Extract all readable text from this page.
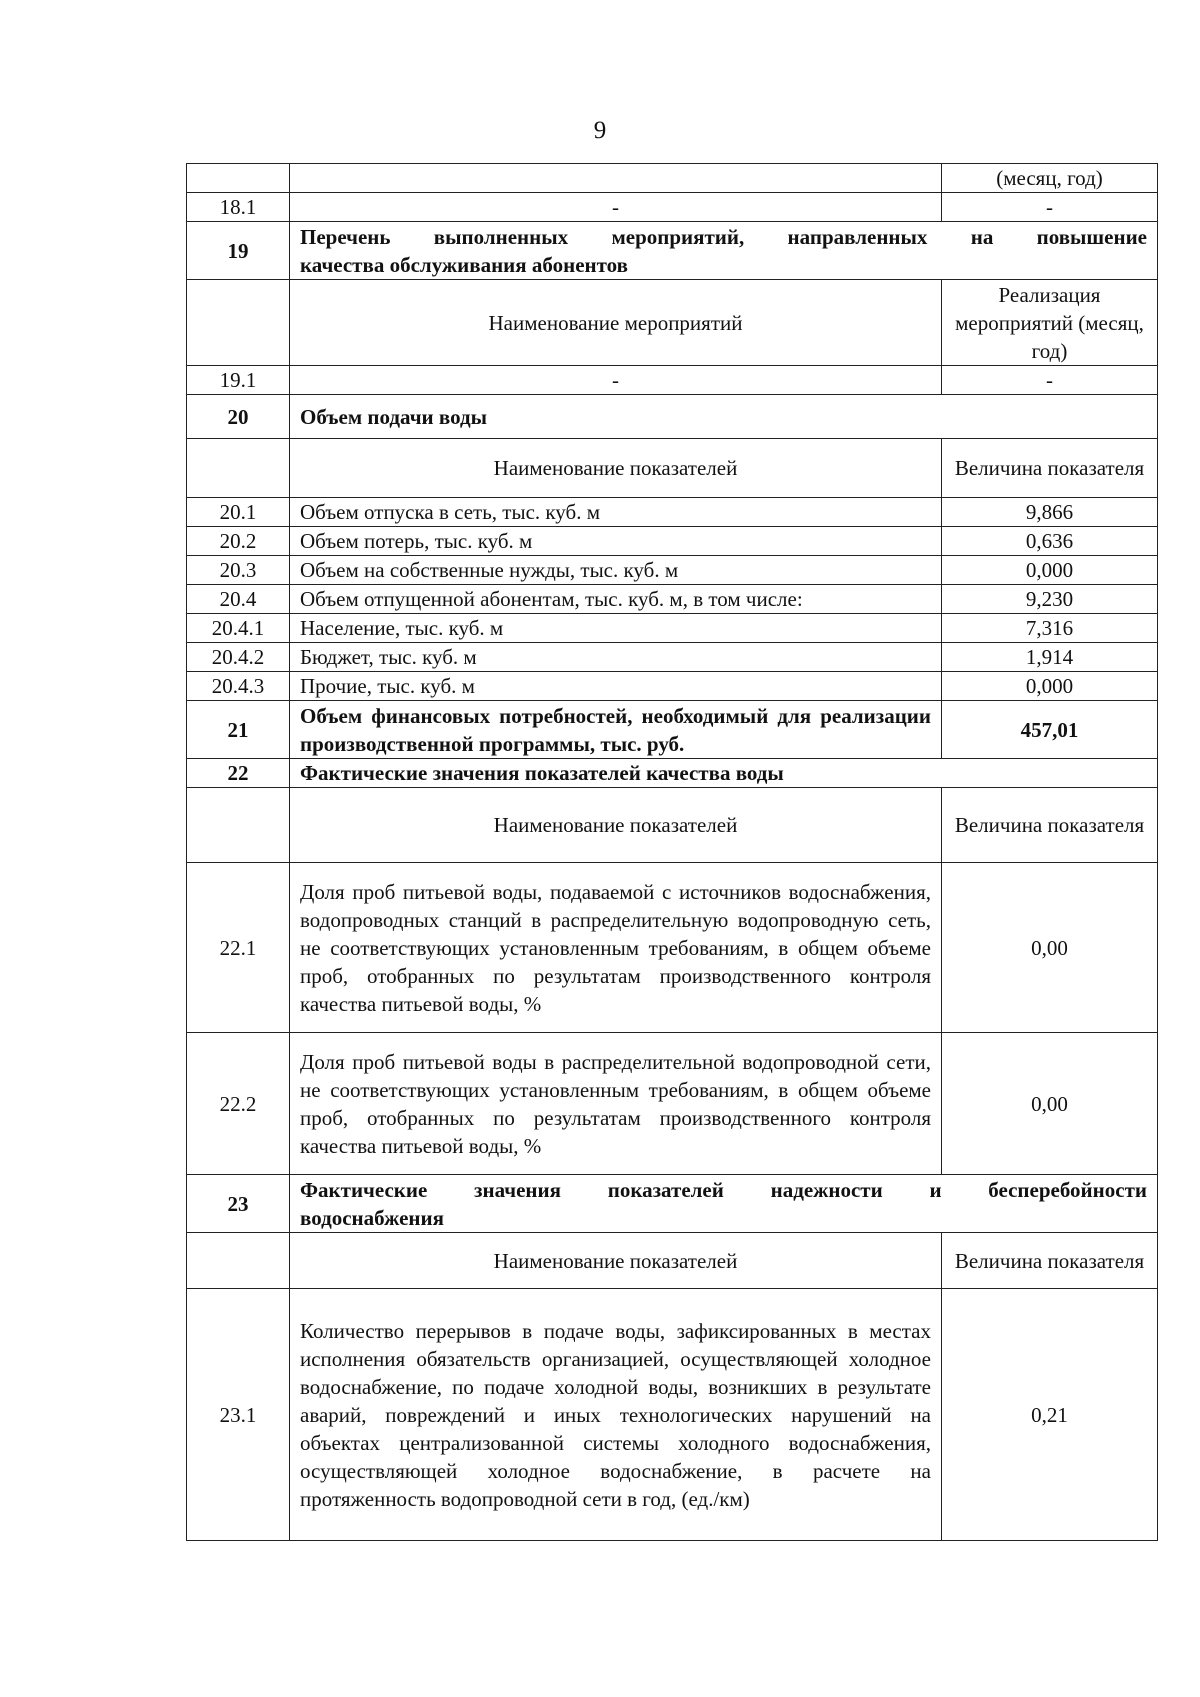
9
		(месяц, год)
18.1	-	-
19	Перечень выполненных мероприятий, направленных на повышение
качества обслуживания абонентов	

	Наименование мероприятий	Реализация мероприятий (месяц, год)
19.1	-	-
20	Объем подачи воды	
	Наименование показателей	Величина показателя
20.1	Объем отпуска в сеть, тыс. куб. м	9,866
20.2	Объем потерь, тыс. куб. м	0,636
20.3	Объем на собственные нужды, тыс. куб. м	0,000
20.4	Объем отпущенной абонентам, тыс. куб. м, в том числе:	9,230
20.4.1	Население, тыс. куб. м	7,316
20.4.2	Бюджет, тыс. куб. м	1,914
20.4.3	Прочие, тыс. куб. м	0,000
21	Объем финансовых потребностей, необходимый для реализации производственной программы, тыс. руб.	457,01
22	Фактические значения показателей качества воды	
	Наименование показателей	Величина показателя
22.1	Доля проб питьевой воды, подаваемой с источников водоснабжения, водопроводных станций в распределительную водопроводную сеть, не соответствующих установленным требованиям, в общем объеме проб, отобранных по результатам производственного контроля качества питьевой воды, %	0,00
22.2	Доля проб питьевой воды в распределительной водопроводной сети, не соответствующих установленным требованиям, в общем объеме проб, отобранных по результатам производственного контроля качества питьевой воды, %	0,00
23	Фактические значения показателей надежности и бесперебойности
водоснабжения	

	Наименование показателей	Величина показателя
23.1	Количество перерывов в подаче воды, зафиксированных в местах исполнения обязательств организацией, осуществляющей холодное водоснабжение, по подаче холодной воды, возникших в результате аварий, повреждений и иных технологических нарушений на объектах централизованной системы холодного водоснабжения, осуществляющей холодное водоснабжение, в расчете на протяженность водопроводной сети в год, (ед./км)	0,21
